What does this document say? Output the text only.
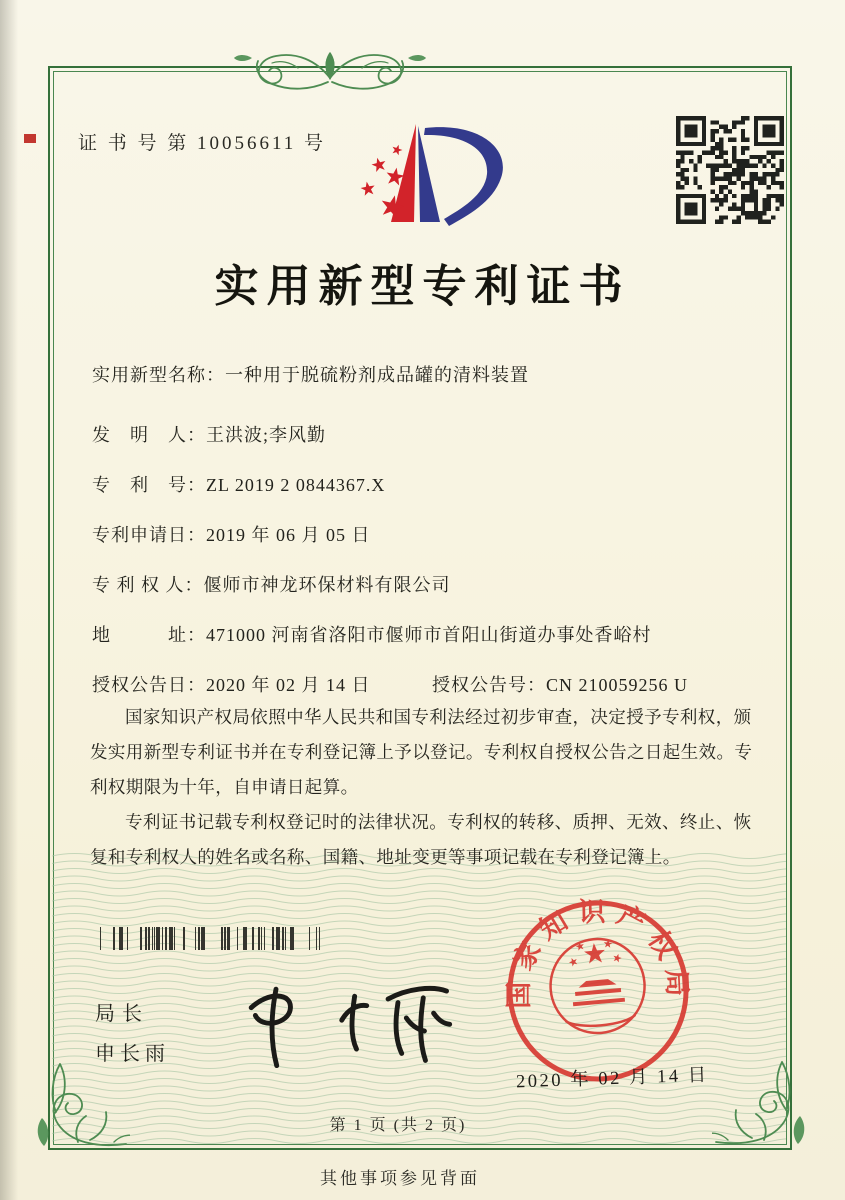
证 书 号 第 10056611 号
实用新型专利证书
实用新型名称：一种用于脱硫粉剂成品罐的清料装置
发　明　人：王洪波;李风勤
专　利　号：ZL 2019 2 0844367.X
专利申请日：2019 年 06 月 05 日
专 利 权 人：偃师市神龙环保材料有限公司
地　　　址：471000 河南省洛阳市偃师市首阳山街道办事处香峪村
授权公告日：2020 年 02 月 14 日	授权公告号：CN 210059256 U

国家知识产权局依照中华人民共和国专利法经过初步审查，决定授予专利权，颁发实用新型专利证书并在专利登记簿上予以登记。专利权自授权公告之日起生效。专利权期限为十年，自申请日起算。

专利证书记载专利权登记时的法律状况。专利权的转移、质押、无效、终止、恢复和专利权人的姓名或名称、国籍、地址变更等事项记载在专利登记簿上。

局长
申长雨
国家知识产权局
2020 年 02 月 14 日
第 1 页 (共 2 页)
其他事项参见背面
